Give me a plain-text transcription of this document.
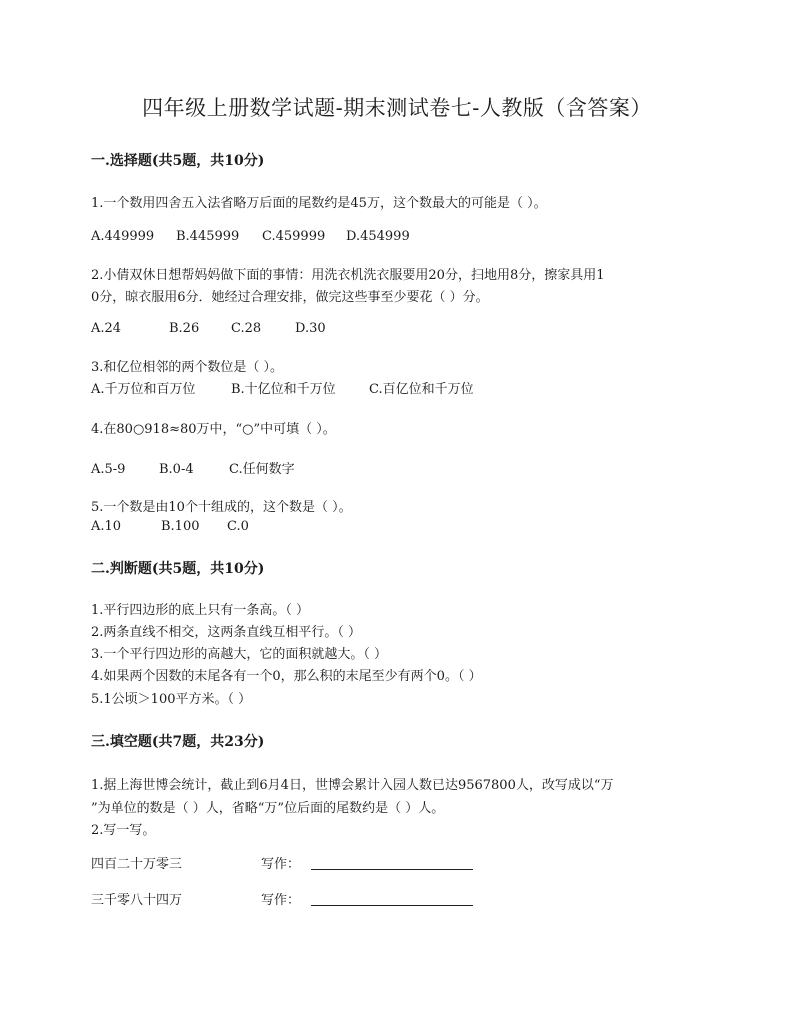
四年级上册数学试题-期末测试卷七-人教版（含答案）
一.选择题(共5题，共10分)
1.一个数用四舍五入法省略万后面的尾数约是45万，这个数最大的可能是（ ）。
A.449999 B.445999 C.459999 D.454999
2.小倩双休日想帮妈妈做下面的事情：用洗衣机洗衣服要用20分，扫地用8分，擦家具用1
0分，晾衣服用6分．她经过合理安排，做完这些事至少要花（ ）分。
A.24	B.26 C.28	D.30
3.和亿位相邻的两个数位是（ ）。
A.千万位和百万位	B.十亿位和千万位	C.百亿位和千万位
4.在80○918≈80万中，“○”中可填（ ）。
A.5-9	B.0-4	C.任何数字
5.一个数是由10个十组成的，这个数是（ ）。
A.10	B.100 C.0
二.判断题(共5题，共10分)
1.平行四边形的底上只有一条高。（ ）
2.两条直线不相交，这两条直线互相平行。（ ）
3.一个平行四边形的高越大，它的面积就越大。（ ）
4.如果两个因数的末尾各有一个0，那么积的末尾至少有两个0。（ ）
5.1公顷＞100平方米。（ ）
三.填空题(共7题，共23分)
1.据上海世博会统计，截止到6月4日，世博会累计入园人数已达9567800人，改写成以“万
”为单位的数是（ ）人，省略“万”位后面的尾数约是（ ）人。
2.写一写。
四百二十万零三	写作：
三千零八十四万	写作：
